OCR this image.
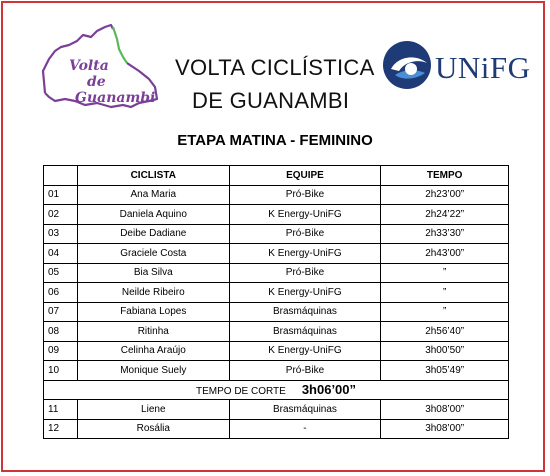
Volta
de
Guanambi
VOLTA CICLÍSTICA
DE GUANAMBI
UNiFG
ETAPA MATINA - FEMININO
	CICLISTA	EQUIPE	TEMPO
01	Ana Maria	Pró-Bike	2h23’00”
02	Daniela Aquino	K Energy-UniFG	2h24’22”
03	Deibe Dadiane	Pró-Bike	2h33’30”
04	Graciele Costa	K Energy-UniFG	2h43’00”
05	Bia Silva	Pró-Bike	”
06	Neilde Ribeiro	K Energy-UniFG	”
07	Fabiana Lopes	Brasmáquinas	”
08	Ritinha	Brasmáquinas	2h56’40”
09	Celinha Araújo	K Energy-UniFG	3h00’50”
10	Monique Suely	Pró-Bike	3h05’49”
TEMPO DE CORTE 3h06’00”			
11	Liene	Brasmáquinas	3h08’00”
12	Rosália	-	3h08’00”
